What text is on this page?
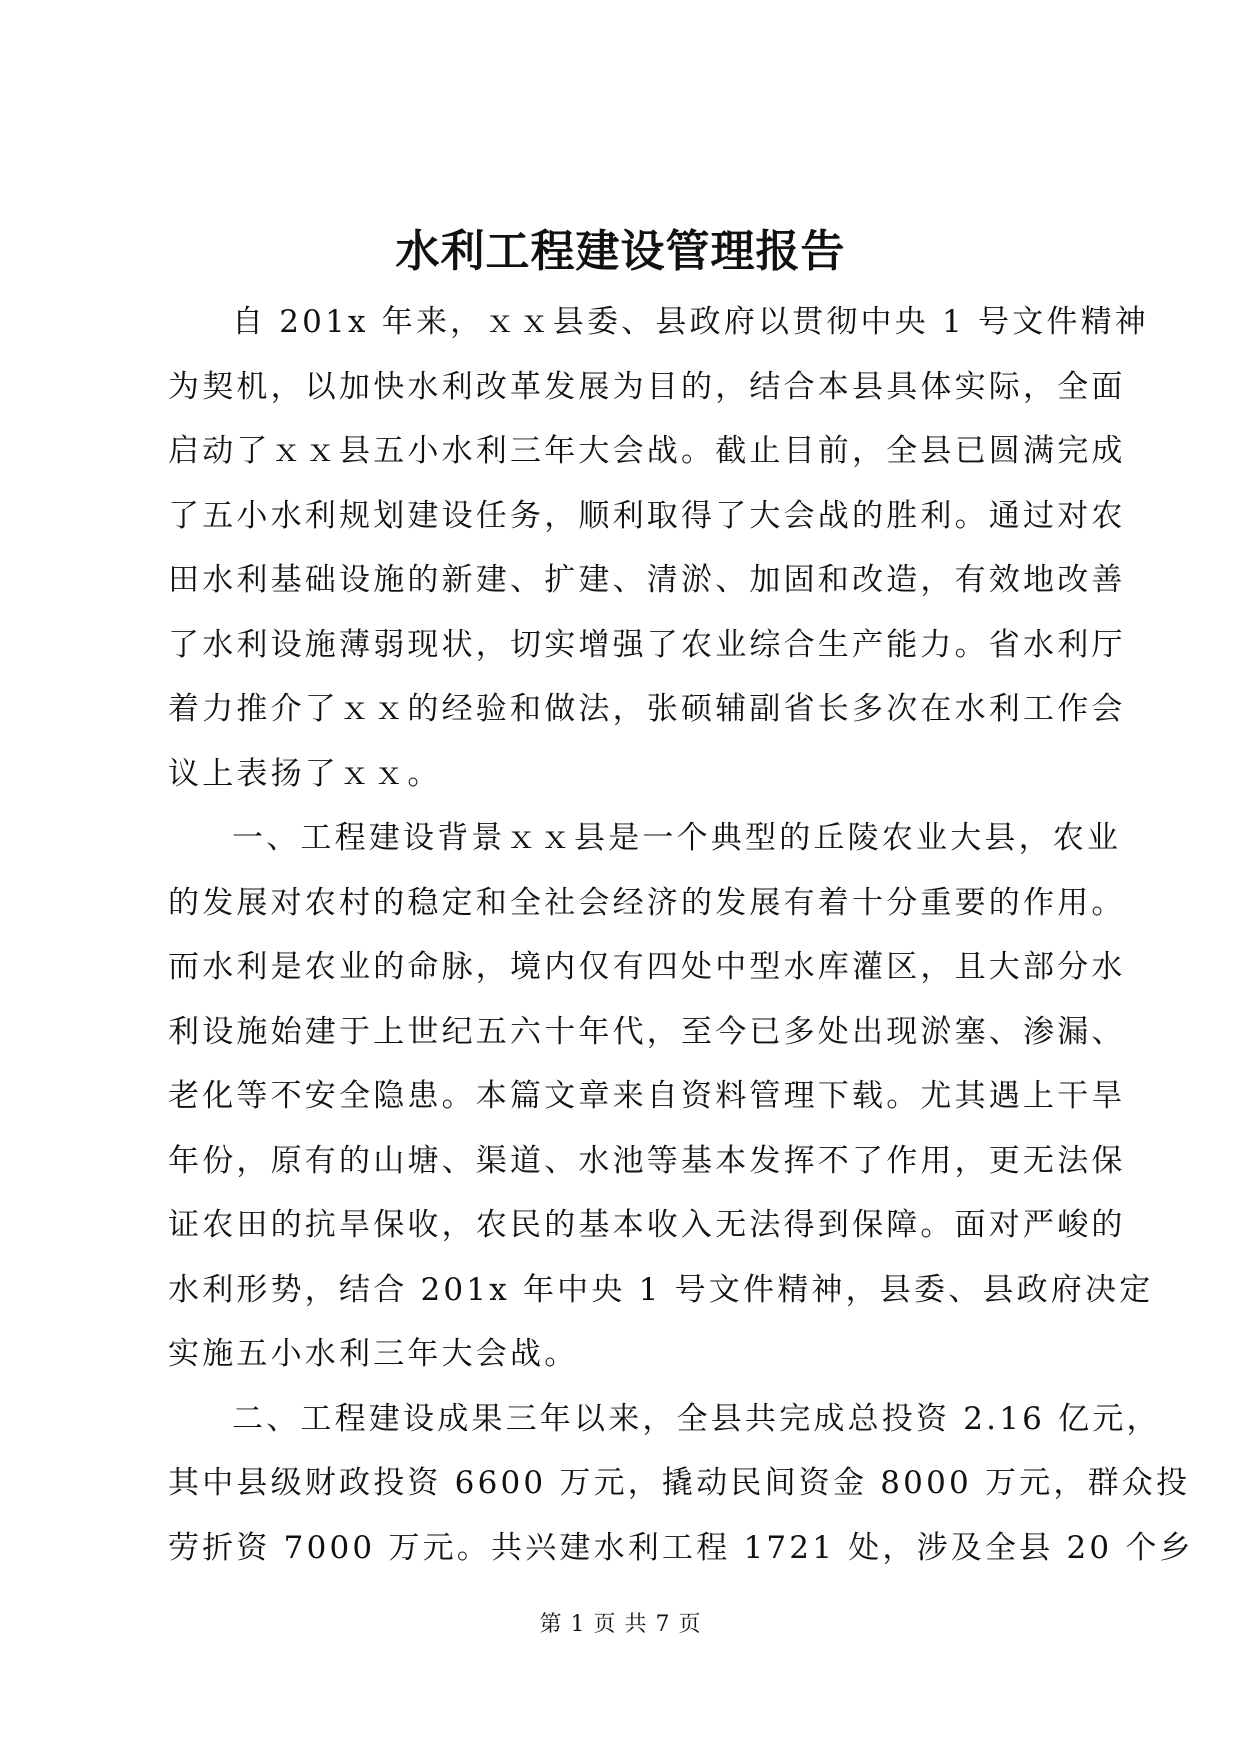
水利工程建设管理报告
自 201x 年来，ｘｘ县委、县政府以贯彻中央 1 号文件精神
为契机，以加快水利改革发展为目的，结合本县具体实际，全面
启动了ｘｘ县五小水利三年大会战。截止目前，全县已圆满完成
了五小水利规划建设任务，顺利取得了大会战的胜利。通过对农
田水利基础设施的新建、扩建、清淤、加固和改造，有效地改善
了水利设施薄弱现状，切实增强了农业综合生产能力。省水利厅
着力推介了ｘｘ的经验和做法，张硕辅副省长多次在水利工作会
议上表扬了ｘｘ。
一、工程建设背景ｘｘ县是一个典型的丘陵农业大县，农业
的发展对农村的稳定和全社会经济的发展有着十分重要的作用。
而水利是农业的命脉，境内仅有四处中型水库灌区，且大部分水
利设施始建于上世纪五六十年代，至今已多处出现淤塞、渗漏、
老化等不安全隐患。本篇文章来自资料管理下载。尤其遇上干旱
年份，原有的山塘、渠道、水池等基本发挥不了作用，更无法保
证农田的抗旱保收，农民的基本收入无法得到保障。面对严峻的
水利形势，结合 201x 年中央 1 号文件精神，县委、县政府决定
实施五小水利三年大会战。
二、工程建设成果三年以来，全县共完成总投资 2.16 亿元，
其中县级财政投资 6600 万元，撬动民间资金 8000 万元，群众投
劳折资 7000 万元。共兴建水利工程 1721 处，涉及全县 20 个乡
第 1 页 共 7 页
